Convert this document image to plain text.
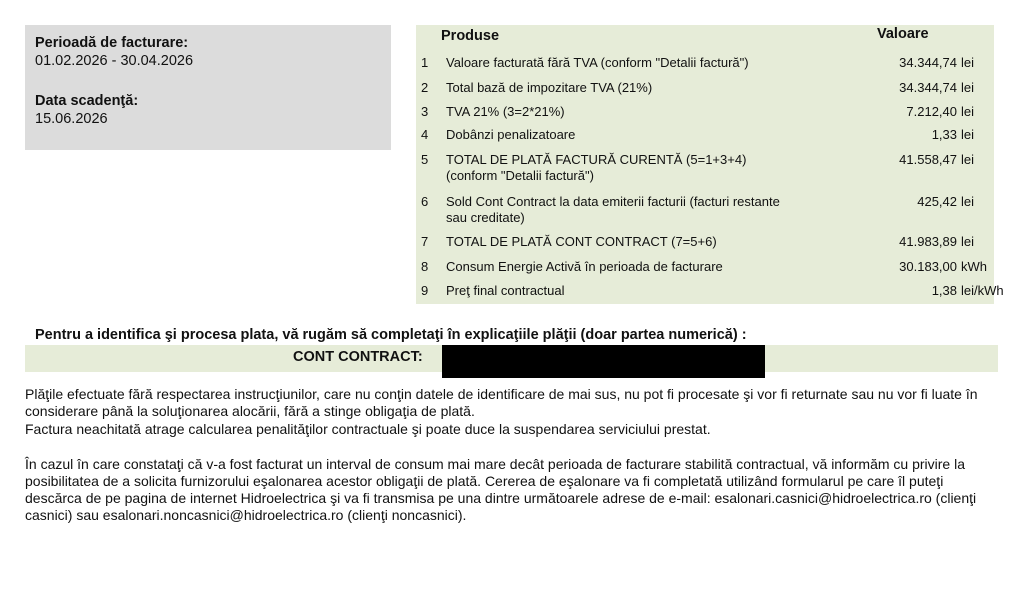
Perioadă de facturare:
01.02.2026 - 30.04.2026
Data scadenţă:
15.06.2026
Produse	Valoare
1 Valoare facturată fără TVA (conform "Detalii factură")	34.344,74 lei
2 Total bază de impozitare TVA (21%)	34.344,74 lei
3 TVA 21% (3=2*21%)	7.212,40 lei
4 Dobânzi penalizatoare	1,33 lei
5 TOTAL DE PLATĂ FACTURĂ CURENTĂ (5=1+3+4) (conform "Detalii factură")
41.558,47 lei
6 Sold Cont Contract la data emiterii facturii (facturi restante sau creditate)
425,42 lei
7 TOTAL DE PLATĂ CONT CONTRACT (7=5+6)	41.983,89 lei
8 Consum Energie Activă în perioada de facturare	30.183,00 kWh
9 Preţ final contractual	1,38 lei/kWh
Pentru a identifica şi procesa plata, vă rugăm să completaţi în explicaţiile plăţii (doar partea numerică) :
CONT CONTRACT:
Plăţile efectuate fără respectarea instrucţiunilor, care nu conţin datele de identificare de mai sus, nu pot fi procesate şi vor fi returnate sau nu vor fi luate în considerare până la soluţionarea alocării, fără a stinge obligaţia de plată.
Factura neachitată atrage calcularea penalităţilor contractuale şi poate duce la suspendarea serviciului prestat.
În cazul în care constataţi că v-a fost facturat un interval de consum mai mare decât perioada de facturare stabilită contractual, vă informăm cu privire la posibilitatea de a solicita furnizorului eşalonarea acestor obligaţii de plată. Cererea de eşalonare va fi completată utilizând formularul pe care îl puteţi descărca de pe pagina de internet Hidroelectrica şi va fi transmisa pe una dintre următoarele adrese de e-mail: esalonari.casnici@hidroelectrica.ro (clienţi casnici) sau esalonari.noncasnici@hidroelectrica.ro (clienţi noncasnici).
